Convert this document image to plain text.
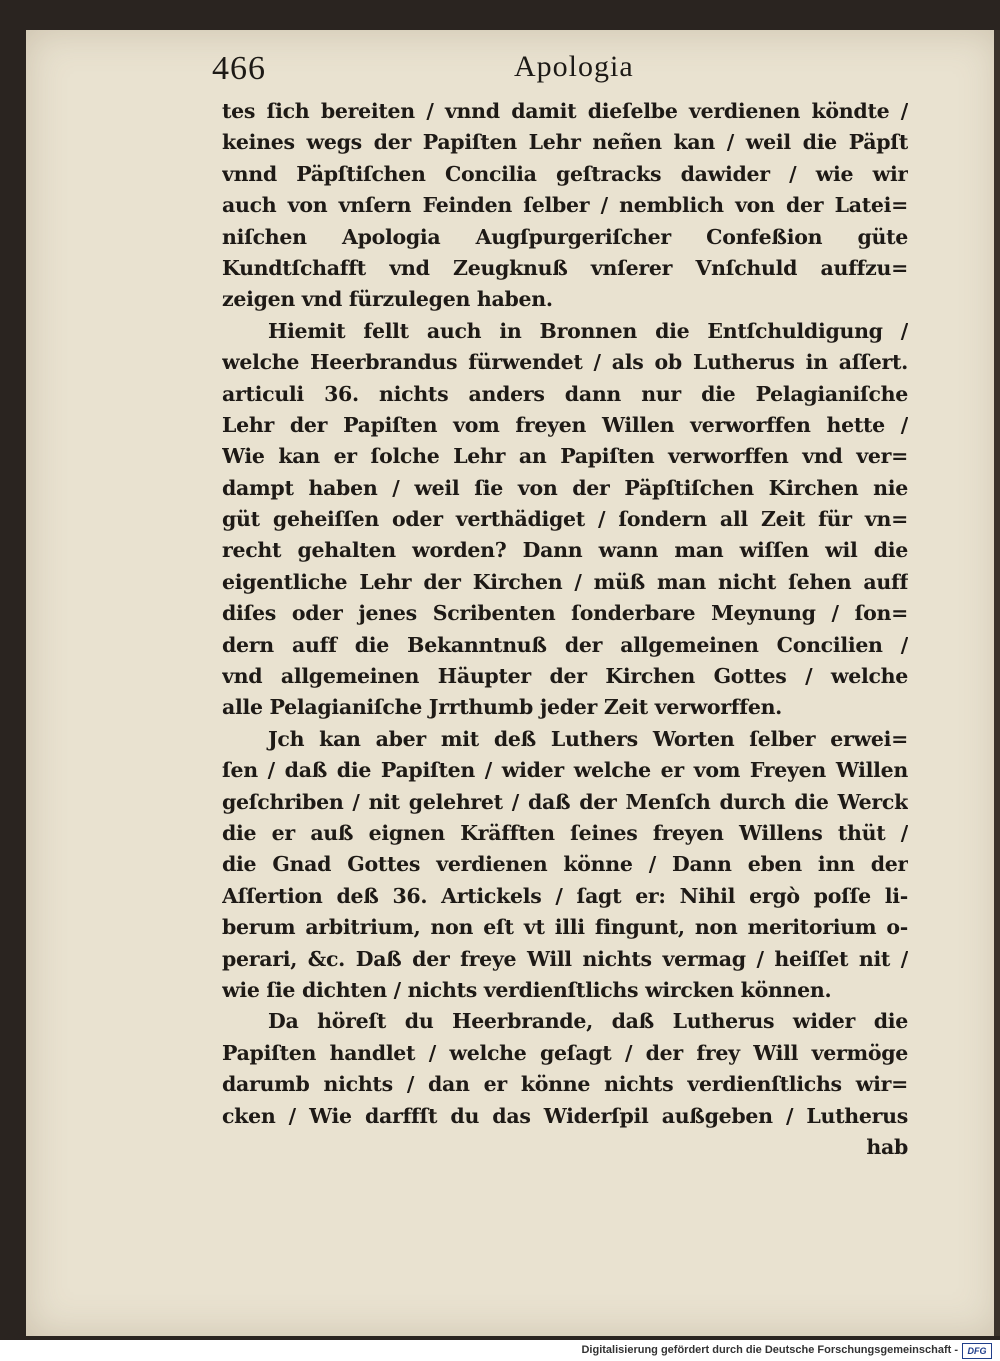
466	Apologia
tes ſich bereiten / vnnd damit dieſelbe verdienen köndte /
keines wegs der Papiſten Lehr neñen kan / weil die Päpſt
vnnd Päpſtiſchen Concilia geſtracks dawider / wie wir
auch von vnſern Feinden ſelber / nemblich von der Latei=
niſchen Apologia Augſpurgeriſcher Confeßion güte
Kundtſchafft vnd Zeugknuß vnſerer Vnſchuld auffzu=
zeigen vnd fürzulegen haben.
Hiemit fellt auch in Bronnen die Entſchuldigung /
welche Heerbrandus fürwendet / als ob Lutherus in aſſert.
articuli 36. nichts anders dann nur die Pelagianiſche
Lehr der Papiſten vom freyen Willen verworffen hette /
Wie kan er ſolche Lehr an Papiſten verworffen vnd ver=
dampt haben / weil ſie von der Päpſtiſchen Kirchen nie
güt geheiſſen oder verthädiget / ſondern all Zeit für vn=
recht gehalten worden? Dann wann man wiſſen wil die
eigentliche Lehr der Kirchen / müß man nicht ſehen auff
diſes oder jenes Scribenten ſonderbare Meynung / ſon=
dern auff die Bekanntnuß der allgemeinen Concilien /
vnd allgemeinen Häupter der Kirchen Gottes / welche
alle Pelagianiſche Jrrthumb jeder Zeit verworffen.
Jch kan aber mit deß Luthers Worten ſelber erwei=
ſen / daß die Papiſten / wider welche er vom Freyen Willen
geſchriben / nit gelehret / daß der Menſch durch die Werck
die er auß eignen Kräfften ſeines freyen Willens thüt /
die Gnad Gottes verdienen könne / Dann eben inn der
Aſſertion deß 36. Artickels / ſagt er: Nihil ergò poſſe li-
berum arbitrium, non eſt vt illi fingunt, non meritorium o-
perari, &c. Daß der freye Will nichts vermag / heiſſet nit /
wie ſie dichten / nichts verdienſtlichs wircken können.
Da höreſt du Heerbrande, daß Lutherus wider die
Papiſten handlet / welche geſagt / der frey Will vermöge
darumb nichts / dan er könne nichts verdienſtlichs wir=
cken / Wie darffſt du das Widerſpil außgeben / Lutherus
hab
Digitalisierung gefördert durch die Deutsche Forschungsgemeinschaft -	DFG
